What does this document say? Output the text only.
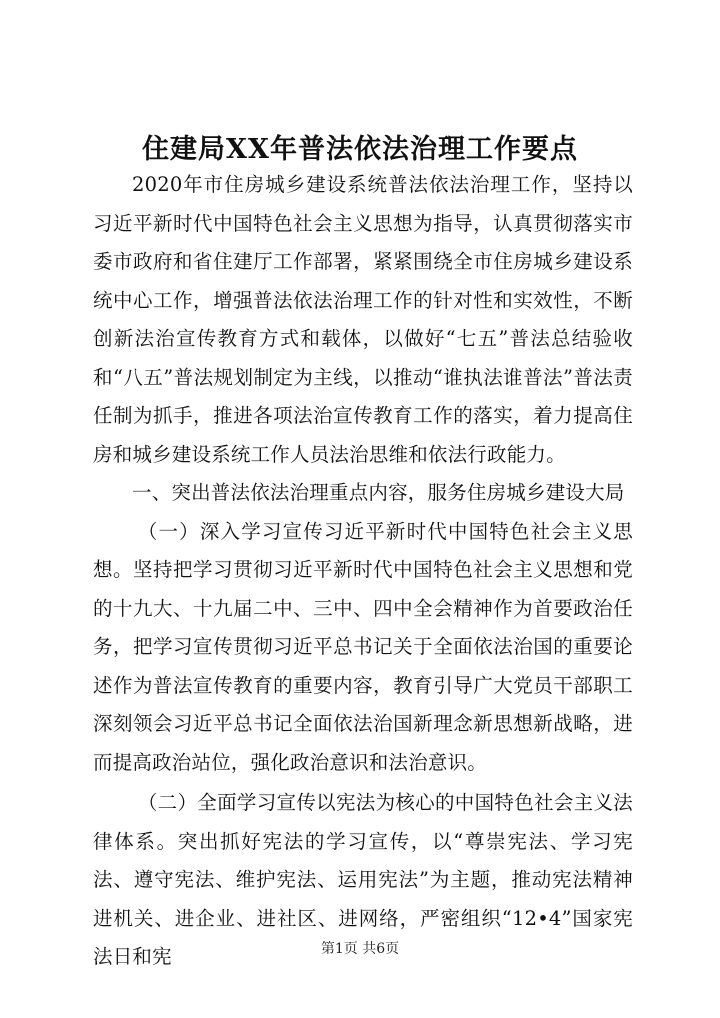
住建局XX年普法依法治理工作要点

2020年市住房城乡建设系统普法依法治理工作，坚持以习近平新时代中国特色社会主义思想为指导，认真贯彻落实市委市政府和省住建厅工作部署，紧紧围绕全市住房城乡建设系统中心工作，增强普法依法治理工作的针对性和实效性，不断创新法治宣传教育方式和载体，以做好“七五”普法总结验收和“八五”普法规划制定为主线，以推动“谁执法谁普法”普法责任制为抓手，推进各项法治宣传教育工作的落实，着力提高住房和城乡建设系统工作人员法治思维和依法行政能力。

一、突出普法依法治理重点内容，服务住房城乡建设大局

（一）深入学习宣传习近平新时代中国特色社会主义思想。坚持把学习贯彻习近平新时代中国特色社会主义思想和党的十九大、十九届二中、三中、四中全会精神作为首要政治任务，把学习宣传贯彻习近平总书记关于全面依法治国的重要论述作为普法宣传教育的重要内容，教育引导广大党员干部职工深刻领会习近平总书记全面依法治国新理念新思想新战略，进而提高政治站位，强化政治意识和法治意识。

（二）全面学习宣传以宪法为核心的中国特色社会主义法律体系。突出抓好宪法的学习宣传，以“尊崇宪法、学习宪法、遵守宪法、维护宪法、运用宪法”为主题，推动宪法精神进机关、进企业、进社区、进网络，严密组织“12•4”国家宪法日和宪	第1页 共6页
